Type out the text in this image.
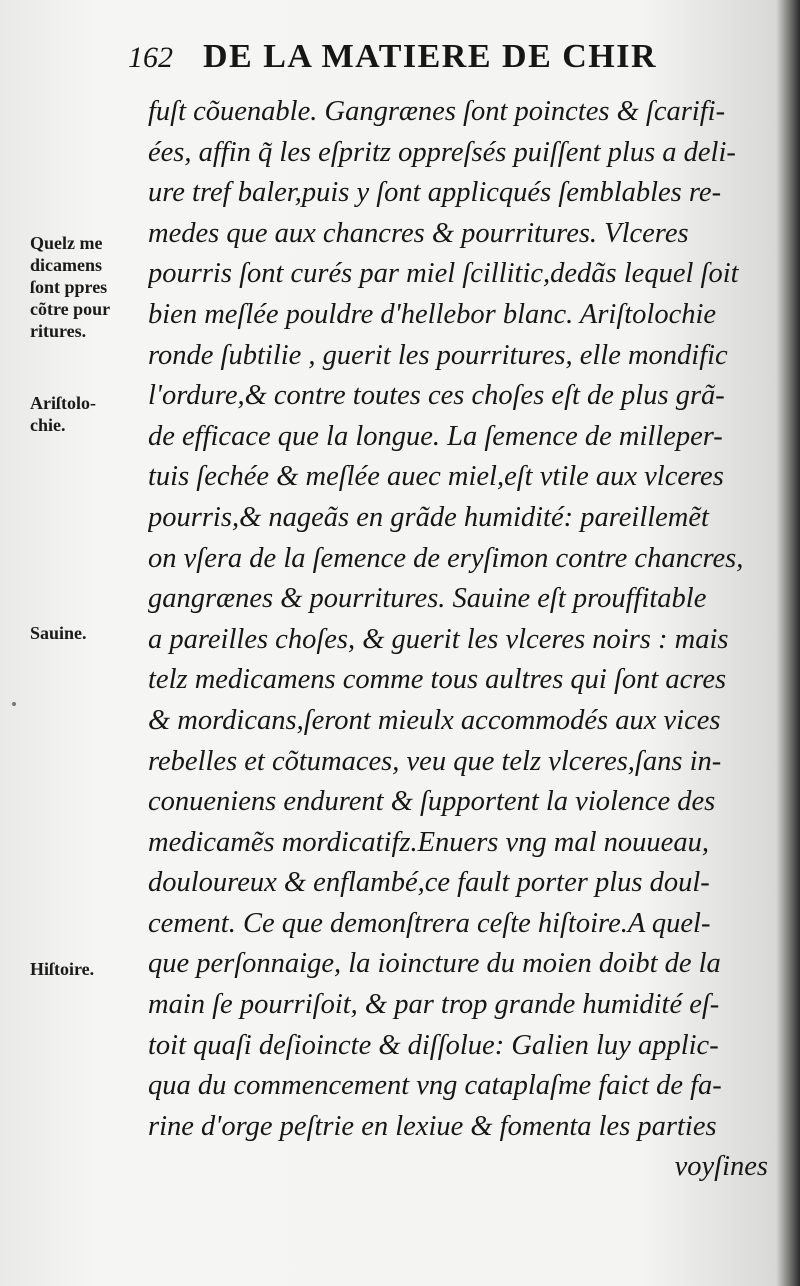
162 DE LA MATIERE DE CHIR
fuſt cõuenable. Gangrænes ſont poinctes & ſcarifi-
ées, affin q̃ les eſpritz oppreſsés puiſſent plus a deli-
ure tref baler,puis y ſont applicqués ſemblables re-
medes que aux chancres & pourritures. Vlceres
pourris ſont curés par miel ſcillitic,dedãs lequel ſoit
bien meſlée pouldre d'hellebor blanc. Ariſtolochie
ronde ſubtilie , guerit les pourritures, elle mondific
l'ordure,& contre toutes ces choſes eſt de plus grã-
de efficace que la longue. La ſemence de milleper-
tuis ſechée & meſlée auec miel,eſt vtile aux vlceres
pourris,& nageãs en grãde humidité: pareillemẽt
on vſera de la ſemence de eryſimon contre chancres,
gangrænes & pourritures. Sauine eſt prouffitable
a pareilles choſes, & guerit les vlceres noirs : mais
telz medicamens comme tous aultres qui ſont acres
& mordicans,ſeront mieulx accommodés aux vices
rebelles et cõtumaces, veu que telz vlceres,ſans in-
conueniens endurent & ſupportent la violence des
medicamẽs mordicatifz.Enuers vng mal nouueau,
douloureux & enflambé,ce fault porter plus doul-
cement. Ce que demonſtrera ceſte hiſtoire.A quel-
que perſonnaige, la ioincture du moien doibt de la
main ſe pourriſoit, & par trop grande humidité eſ-
toit quaſi deſioincte & diſſolue: Galien luy applic-
qua du commencement vng cataplaſme faict de fa-
rine d'orge peſtrie en lexiue & fomenta les parties
voyſines
Quelz me
dicamens
ſont ppres
cõtre pour
ritures.
Ariſtolo-
chie.
Sauine.
Hiſtoire.
